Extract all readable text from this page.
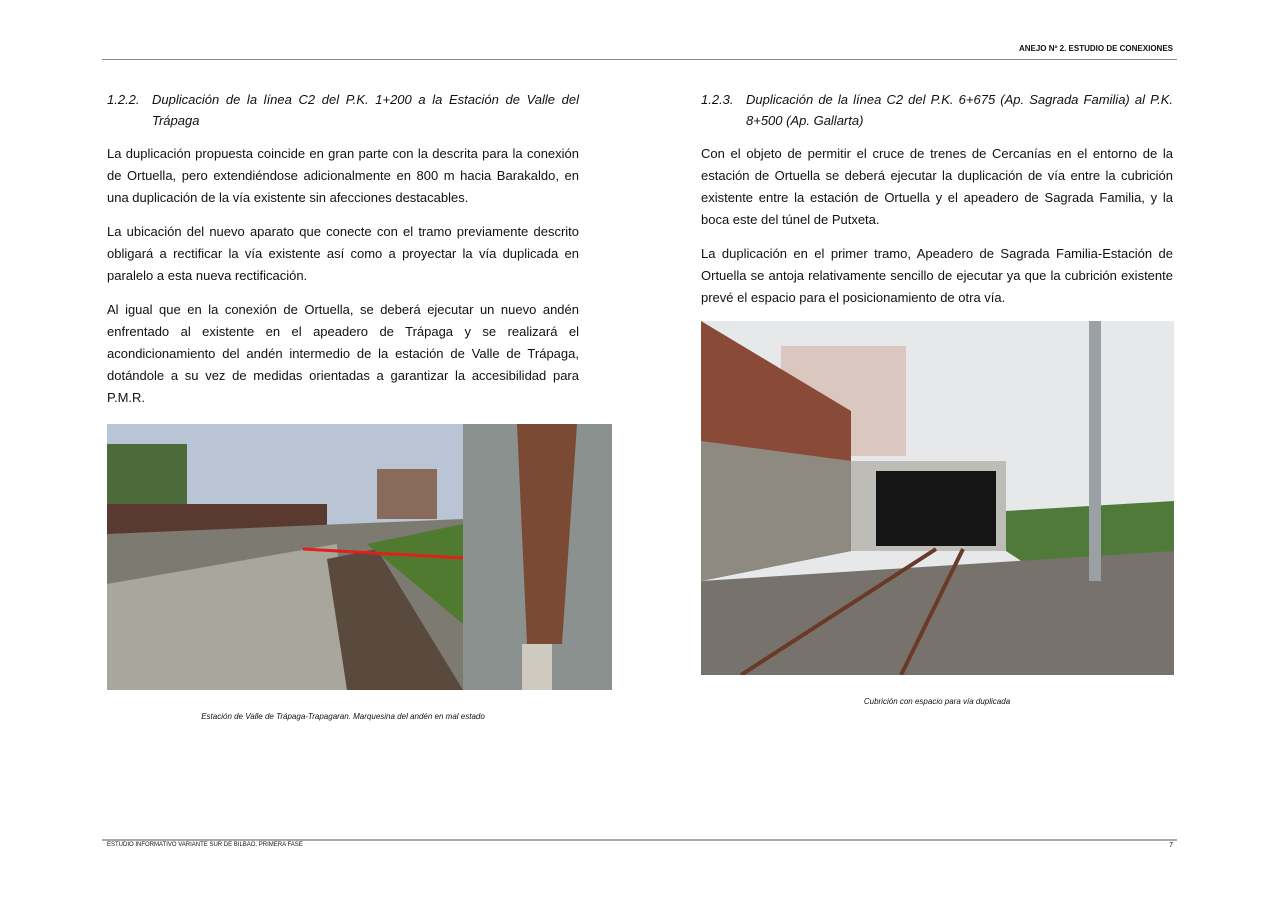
ANEJO Nº 2. ESTUDIO DE CONEXIONES
1.2.2. Duplicación de la línea C2 del P.K. 1+200 a la Estación de Valle del Trápaga

La duplicación propuesta coincide en gran parte con la descrita para la conexión de Ortuella, pero extendiéndose adicionalmente en 800 m hacia Barakaldo, en una duplicación de la vía existente sin afecciones destacables.

La ubicación del nuevo aparato que conecte con el tramo previamente descrito obligará a rectificar la vía existente así como a proyectar la vía duplicada en paralelo a esta nueva rectificación.

Al igual que en la conexión de Ortuella, se deberá ejecutar un nuevo andén enfrentado al existente en el apeadero de Trápaga y se realizará el acondicionamiento del andén intermedio de la estación de Valle de Trápaga, dotándole a su vez de medidas orientadas a garantizar la accesibilidad para P.M.R.

Estación de Valle de Trápaga-Trapagaran. Marquesina del andén en mal estado
1.2.3. Duplicación de la línea C2 del P.K. 6+675 (Ap. Sagrada Familia) al P.K. 8+500 (Ap. Gallarta)

Con el objeto de permitir el cruce de trenes de Cercanías en el entorno de la estación de Ortuella se deberá ejecutar la duplicación de vía entre la cubrición existente entre la estación de Ortuella y el apeadero de Sagrada Familia, y la boca este del túnel de Putxeta.

La duplicación en el primer tramo, Apeadero de Sagrada Familia-Estación de Ortuella se antoja relativamente sencillo de ejecutar ya que la cubrición existente prevé el espacio para el posicionamiento de otra vía.

Cubrición con espacio para vía duplicada
ESTUDIO INFORMATIVO VARIANTE SUR DE BILBAO. PRIMERA FASE	7
